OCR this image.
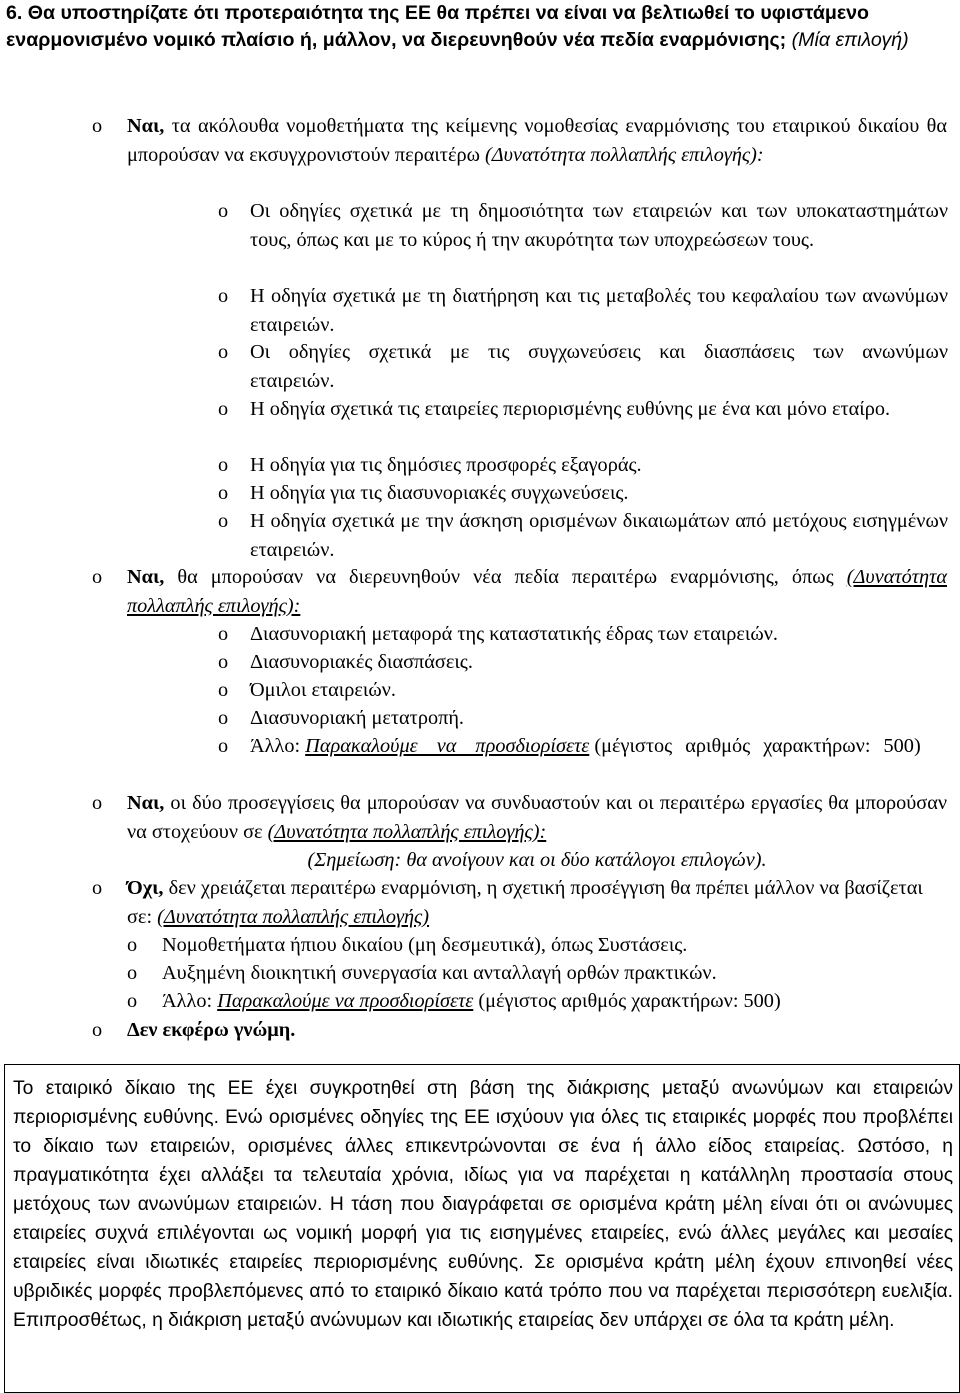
6. Θα υποστηρίζατε ότι προτεραιότητα της ΕΕ θα πρέπει να είναι να βελτιωθεί το υφιστάμενο εναρμονισμένο νομικό πλαίσιο ή, μάλλον, να διερευνηθούν νέα πεδία εναρμόνισης; (Μία επιλογή)
o Ναι, τα ακόλουθα νομοθετήματα της κείμενης νομοθεσίας εναρμόνισης του εταιρικού δικαίου θα μπορούσαν να εκσυγχρονιστούν περαιτέρω (Δυνατότητα πολλαπλής επιλογής):
o Οι οδηγίες σχετικά με τη δημοσιότητα των εταιρειών και των υποκαταστημάτων τους, όπως και με το κύρος ή την ακυρότητα των υποχρεώσεων τους.
o Η οδηγία σχετικά με τη διατήρηση και τις μεταβολές του κεφαλαίου των ανωνύμων εταιρειών.
o Οι οδηγίες σχετικά με τις συγχωνεύσεις και διασπάσεις των ανωνύμων εταιρειών.
o Η οδηγία σχετικά τις εταιρείες περιορισμένης ευθύνης με ένα και μόνο εταίρο.
o Η οδηγία για τις δημόσιες προσφορές εξαγοράς.
o Η οδηγία για τις διασυνοριακές συγχωνεύσεις.
o Η οδηγία σχετικά με την άσκηση ορισμένων δικαιωμάτων από μετόχους εισηγμένων εταιρειών.
o Ναι, θα μπορούσαν να διερευνηθούν νέα πεδία περαιτέρω εναρμόνισης, όπως (Δυνατότητα πολλαπλής επιλογής):
o Διασυνοριακή μεταφορά της καταστατικής έδρας των εταιρειών.
o Διασυνοριακές διασπάσεις.
o Όμιλοι εταιρειών.
o Διασυνοριακή μετατροπή.
o Άλλο: Παρακαλούμε να προσδιορίσετε (μέγιστος αριθμός χαρακτήρων: 500)
o Ναι, οι δύο προσεγγίσεις θα μπορούσαν να συνδυαστούν και οι περαιτέρω εργασίες θα μπορούσαν να στοχεύουν σε (Δυνατότητα πολλαπλής επιλογής):
(Σημείωση: θα ανοίγουν και οι δύο κατάλογοι επιλογών).
o Όχι, δεν χρειάζεται περαιτέρω εναρμόνιση, η σχετική προσέγγιση θα πρέπει μάλλον να βασίζεται σε: (Δυνατότητα πολλαπλής επιλογής)
o Νομοθετήματα ήπιου δικαίου (μη δεσμευτικά), όπως Συστάσεις.
o Αυξημένη διοικητική συνεργασία και ανταλλαγή ορθών πρακτικών.
o Άλλο: Παρακαλούμε να προσδιορίσετε (μέγιστος αριθμός χαρακτήρων: 500)
o Δεν εκφέρω γνώμη.

Το εταιρικό δίκαιο της ΕΕ έχει συγκροτηθεί στη βάση της διάκρισης μεταξύ ανωνύμων και εταιρειών περιορισμένης ευθύνης. Ενώ ορισμένες οδηγίες της ΕΕ ισχύουν για όλες τις εταιρικές μορφές που προβλέπει το δίκαιο των εταιρειών, ορισμένες άλλες επικεντρώνονται σε ένα ή άλλο είδος εταιρείας. Ωστόσο, η πραγματικότητα έχει αλλάξει τα τελευταία χρόνια, ιδίως για να παρέχεται η κατάλληλη προστασία στους μετόχους των ανωνύμων εταιρειών. Η τάση που διαγράφεται σε ορισμένα κράτη μέλη είναι ότι οι ανώνυμες εταιρείες συχνά επιλέγονται ως νομική μορφή για τις εισηγμένες εταιρείες, ενώ άλλες μεγάλες και μεσαίες εταιρείες είναι ιδιωτικές εταιρείες περιορισμένης ευθύνης. Σε ορισμένα κράτη μέλη έχουν επινοηθεί νέες υβριδικές μορφές προβλεπόμενες από το εταιρικό δίκαιο κατά τρόπο που να παρέχεται περισσότερη ευελιξία. Επιπροσθέτως, η διάκριση μεταξύ ανώνυμων και ιδιωτικής εταιρείας δεν υπάρχει σε όλα τα κράτη μέλη.
